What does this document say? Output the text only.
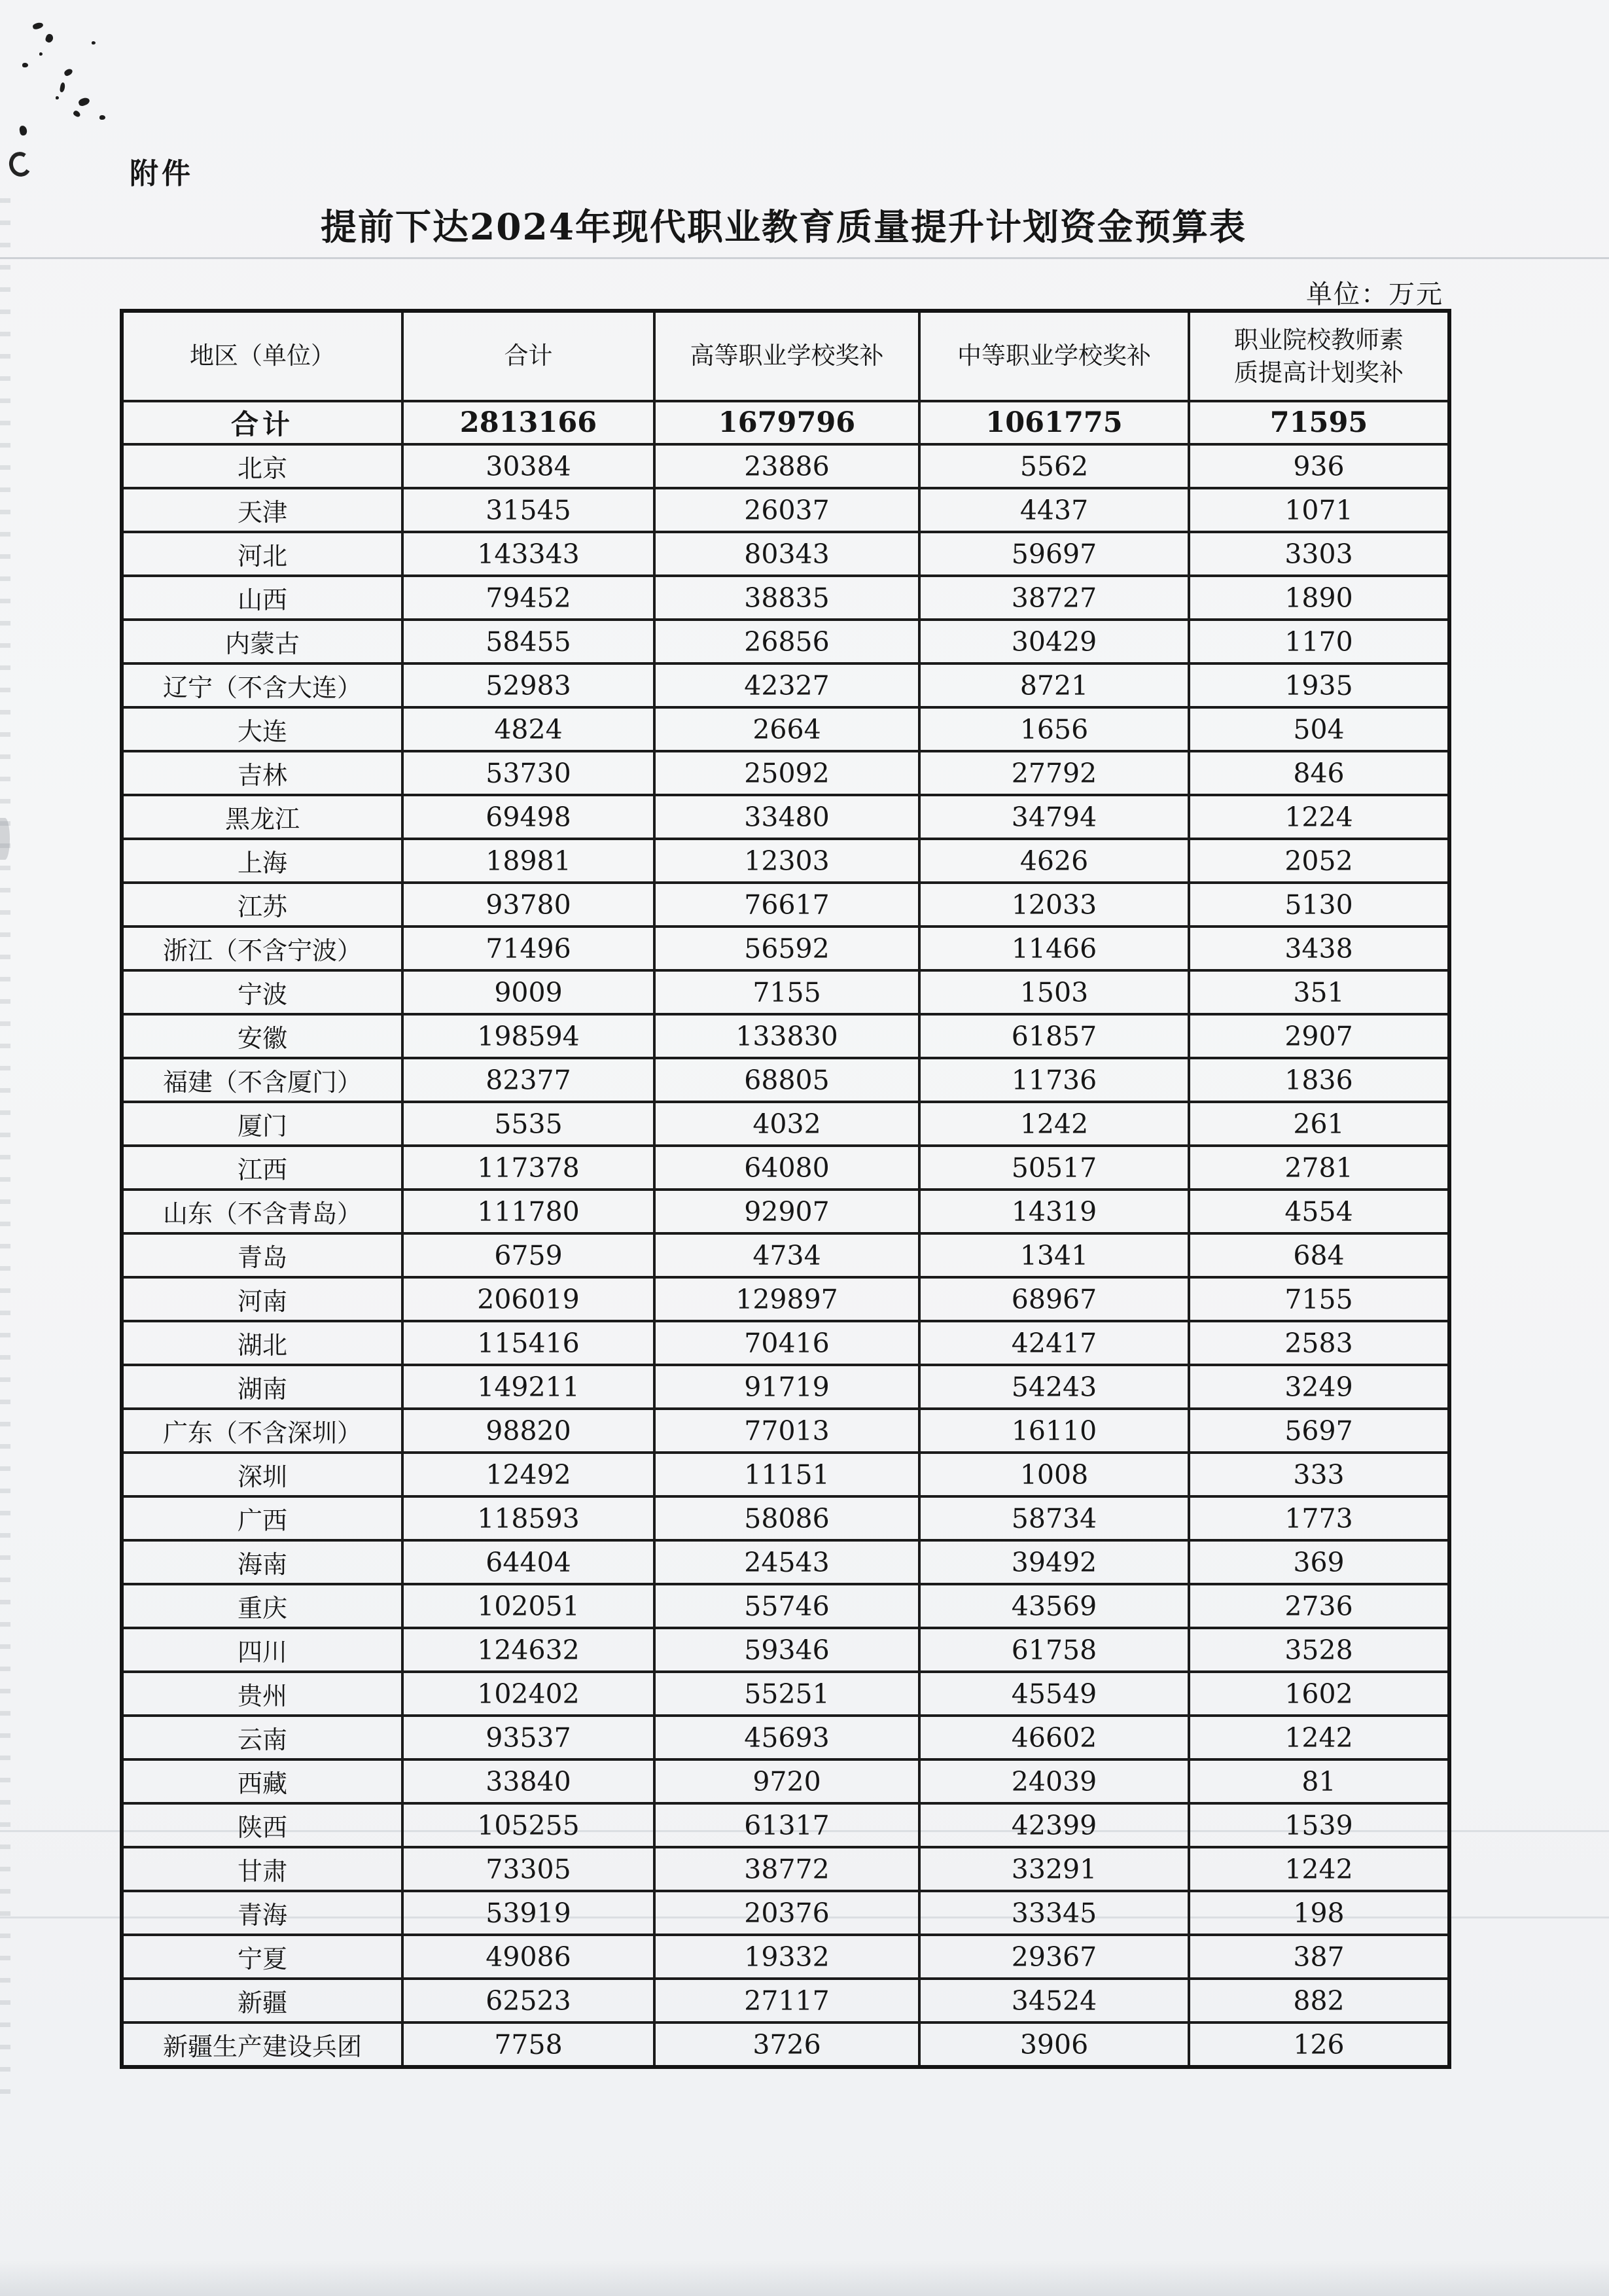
附件
提前下达2024年现代职业教育质量提升计划资金预算表
单位：万元
地区（单位）	合计	高等职业学校奖补	中等职业学校奖补	职业院校教师素质提高计划奖补
合计	2813166	1679796	1061775	71595
北京	30384	23886	5562	936
天津	31545	26037	4437	1071
河北	143343	80343	59697	3303
山西	79452	38835	38727	1890
内蒙古	58455	26856	30429	1170
辽宁（不含大连）	52983	42327	8721	1935
大连	4824	2664	1656	504
吉林	53730	25092	27792	846
黑龙江	69498	33480	34794	1224
上海	18981	12303	4626	2052
江苏	93780	76617	12033	5130
浙江（不含宁波）	71496	56592	11466	3438
宁波	9009	7155	1503	351
安徽	198594	133830	61857	2907
福建（不含厦门）	82377	68805	11736	1836
厦门	5535	4032	1242	261
江西	117378	64080	50517	2781
山东（不含青岛）	111780	92907	14319	4554
青岛	6759	4734	1341	684
河南	206019	129897	68967	7155
湖北	115416	70416	42417	2583
湖南	149211	91719	54243	3249
广东（不含深圳）	98820	77013	16110	5697
深圳	12492	11151	1008	333
广西	118593	58086	58734	1773
海南	64404	24543	39492	369
重庆	102051	55746	43569	2736
四川	124632	59346	61758	3528
贵州	102402	55251	45549	1602
云南	93537	45693	46602	1242
西藏	33840	9720	24039	81
陕西	105255	61317	42399	1539
甘肃	73305	38772	33291	1242
青海	53919	20376	33345	198
宁夏	49086	19332	29367	387
新疆	62523	27117	34524	882
新疆生产建设兵团	7758	3726	3906	126
